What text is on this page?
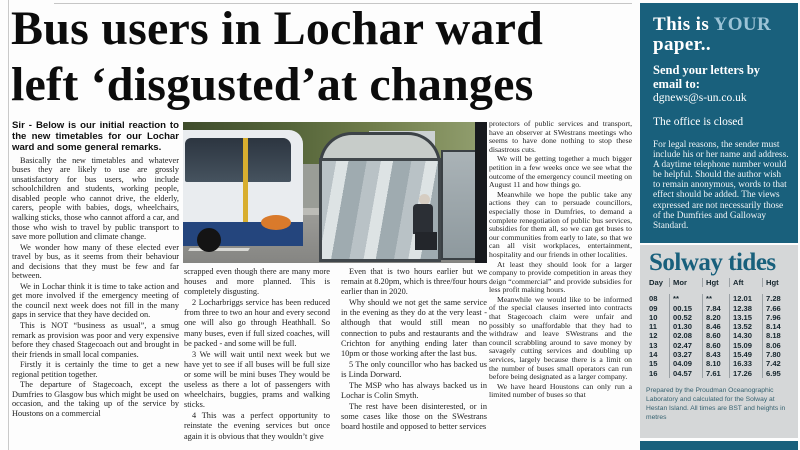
Bus users in Lochar ward
left ‘disgusted’at changes

Sir - Below is our initial reaction to the new timetables for our Lochar ward and some general remarks.

Basically the new timetables and whatever buses they are likely to use are grossly unsatisfactory for bus users, who include schoolchildren and students, working people, disabled people who cannot drive, the elderly, carers, people with babies, dogs, wheelchairs, walking sticks, those who cannot afford a car, and those who wish to travel by public transport to save more pollution and climate change.

We wonder how many of these elected ever travel by bus, as it seems from their behaviour and decisions that they must be few and far between.

We in Lochar think it is time to take action and get more involved if the emergency meeting of the council next week does not fill in the many gaps in service that they have decided on.

This is NOT “business as usual”, a smug remark as provision was poor and very expensive before they chased Stagecoach out and brought in their friends in small local companies.

Firstly it is certainly the time to get a new regional petition together.

The departure of Stagecoach, except the Dumfries to Glasgow bus which might be used on occasion, and the taking up of the service by Houstons on a commercial

scrapped even though there are many more houses and more planned. This is completely disgusting.

2 Locharbriggs service has been reduced from three to two an hour and every second one will also go through Heathhall. So many buses, even if full sized coaches, will be packed - and some will be full.

3 We will wait until next week but we have yet to see if all buses will be full size or some will be mini buses They would be useless as there a lot of passengers with wheelchairs, buggies, prams and walking sticks.

4 This was a perfect opportunity to reinstate the evening services but once again it is obvious that they wouldn’t give

Even that is two hours earlier but we remain at 8.20pm, which is three/four hours earlier than in 2020.

Why should we not get the same service in the evening as they do at the very least - although that would still mean no connection to pubs and restaurants and the Crichton for anything ending later than 10pm or those working after the last bus.

5 The only councillor who has backed us is Linda Dorward.

The MSP who has always backed us in Lochar is Colin Smyth.

The rest have been disinterested, or in some cases like those on the SWestrans board hostile and opposed to better services

protectors of public services and transport, have an observer at SWestrans meetings who seems to have done nothing to stop these disastrous cuts.

We will be getting together a much bigger petition in a few weeks once we see what the outcome of the emergency council meeting on August 11 and how things go.

Meanwhile we hope the public take any actions they can to persuade councillors, especially those in Dumfries, to demand a complete renegotiation of public bus services, subsidies for them all, so we can get buses to our communities from early to late, so that we can all visit workplaces, entertainment, hospitality and our friends in other localities.

At least they should look for a larger company to provide competition in areas they deign “commercial” and provide subsidies for less profit making hours.

Meanwhile we would like to be informed of the special clauses inserted into contracts that Stagecoach claim were unfair and possibly so unaffordable that they had to withdraw and leave SWestrans and the council scrabbling around to save money by savagely cutting services and doubling up services, largely because there is a limit on the number of buses small operators can run before being designated as a larger company.

We have heard Houstons can only run a limited number of buses so that

This is YOUR
paper..
Send your letters by email to:
dgnews@s-un.co.uk
The office is closed
For legal reasons, the sender must include his or her name and address. A daytime telephone number would be helpful. Should the author wish to remain anonymous, words to that effect should be added. The views expressed are not necessarily those of the Dumfries and Galloway Standard.
Solway tides
Day	Mor	Hgt	Aft	Hgt
08	**	**	12.01	7.28
09	00.15	7.84	12.38	7.66
10	00.52	8.20	13.15	7.96
11	01.30	8.46	13.52	8.14
12	02.08	8.60	14.30	8.18
13	02.47	8.60	15.09	8.06
14	03.27	8.43	15.49	7.80
15	04.09	8.10	16.33	7.42
16	04.57	7.61	17.26	6.95
Prepared by the Proudman Oceanographic Laboratory and calculated for the Solway at Hestan Island. All times are BST and heights in metres
